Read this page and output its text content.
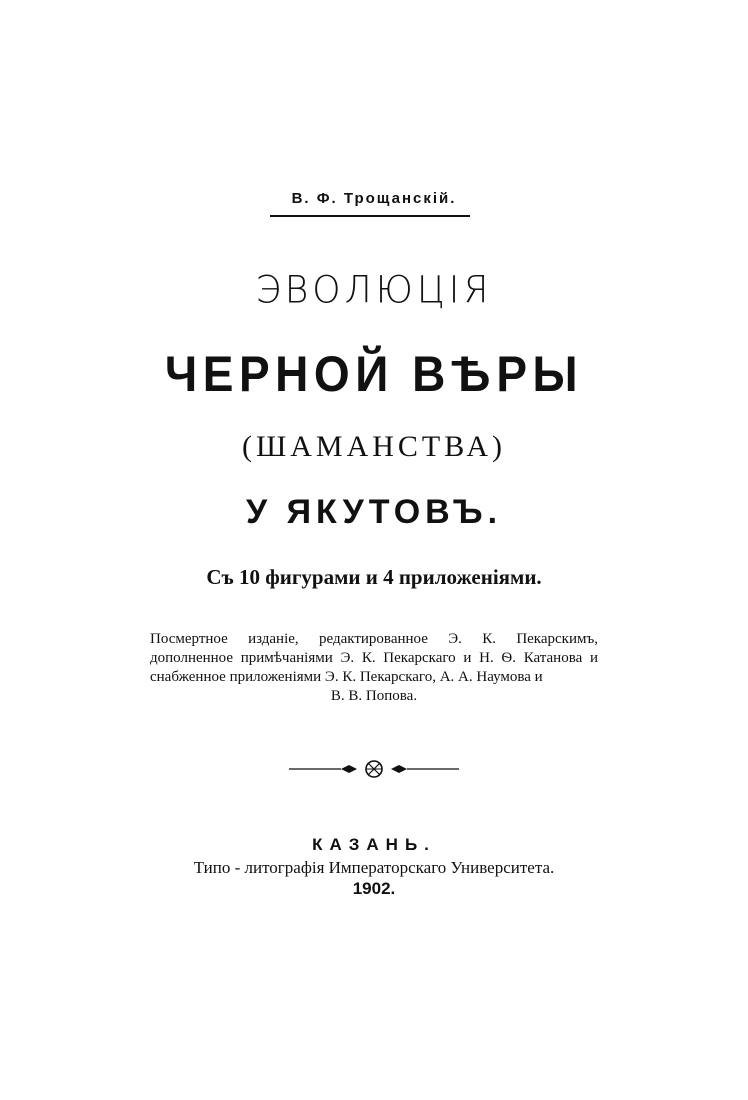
В. Ф. Трощанскій.
ЭВОЛЮЦІЯ
ЧЕРНОЙ ВѢРЫ
(ШАМАНСТВА)
У ЯКУТОВЪ.
Съ 10 фигурами и 4 приложеніями.
Посмертное изданіе, редактированное Э. К. Пекарскимъ, дополненное примѣчаніями Э. К. Пекарскаго и Н. Ѳ. Катанова и снабженное приложеніями Э. К. Пекарскаго, А. А. Наумова и
В. В. Попова.
КАЗАНЬ.
Типо - литографія Императорскаго Университета.
1902.
